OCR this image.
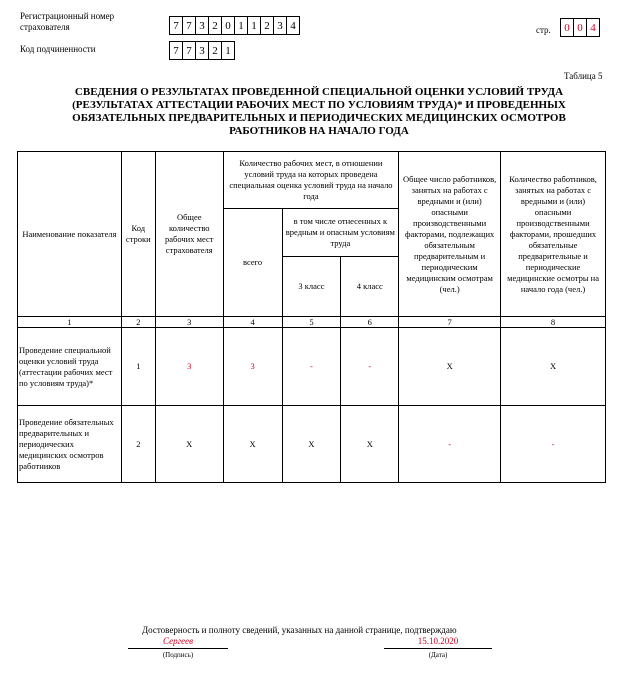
Регистрационный номер страхователя	7 7 3 2 0 1 1 2 3 4
Код подчиненности	7 7 3 2 1
стр.	0 0 4
Таблица 5
СВЕДЕНИЯ О РЕЗУЛЬТАТАХ ПРОВЕДЕННОЙ СПЕЦИАЛЬНОЙ ОЦЕНКИ УСЛОВИЙ ТРУДА (РЕЗУЛЬТАТАХ АТТЕСТАЦИИ РАБОЧИХ МЕСТ ПО УСЛОВИЯМ ТРУДА)* И ПРОВЕДЕННЫХ ОБЯЗАТЕЛЬНЫХ ПРЕДВАРИТЕЛЬНЫХ И ПЕРИОДИЧЕСКИХ МЕДИЦИНСКИХ ОСМОТРОВ РАБОТНИКОВ НА НАЧАЛО ГОДА
Наименование показателя	Код строки	Общее количество рабочих мест страхователя	Количество рабочих мест, в отношении условий труда на которых проведена специальная оценка условий труда на начало года			Общее число работников, занятых на работах с вредными и (или) опасными производственными факторами, подлежащих обязательным предварительным и периодическим медицинским осмотрам (чел.)	Количество работников, занятых на работах с вредными и (или) опасными производственными факторами, прошедших обязательные предварительные и периодические медицинские осмотры на начало года (чел.)
			всего	в том числе отнесенных к вредным и опасным условиям труда			
				3 класс	4 класс		
1	2	3	4	5	6	7	8
Проведение специальной оценки условий труда (аттестации рабочих мест по условиям труда)*	1	3	3	-	-	Х	Х
Проведение обязательных предварительных и периодических медицинских осмотров работников	2	Х	Х	Х	Х	-	-
Достоверность и полноту сведений, указанных на данной странице, подтверждаю
Сергеев
(Подпись)
15.10.2020
(Дата)
